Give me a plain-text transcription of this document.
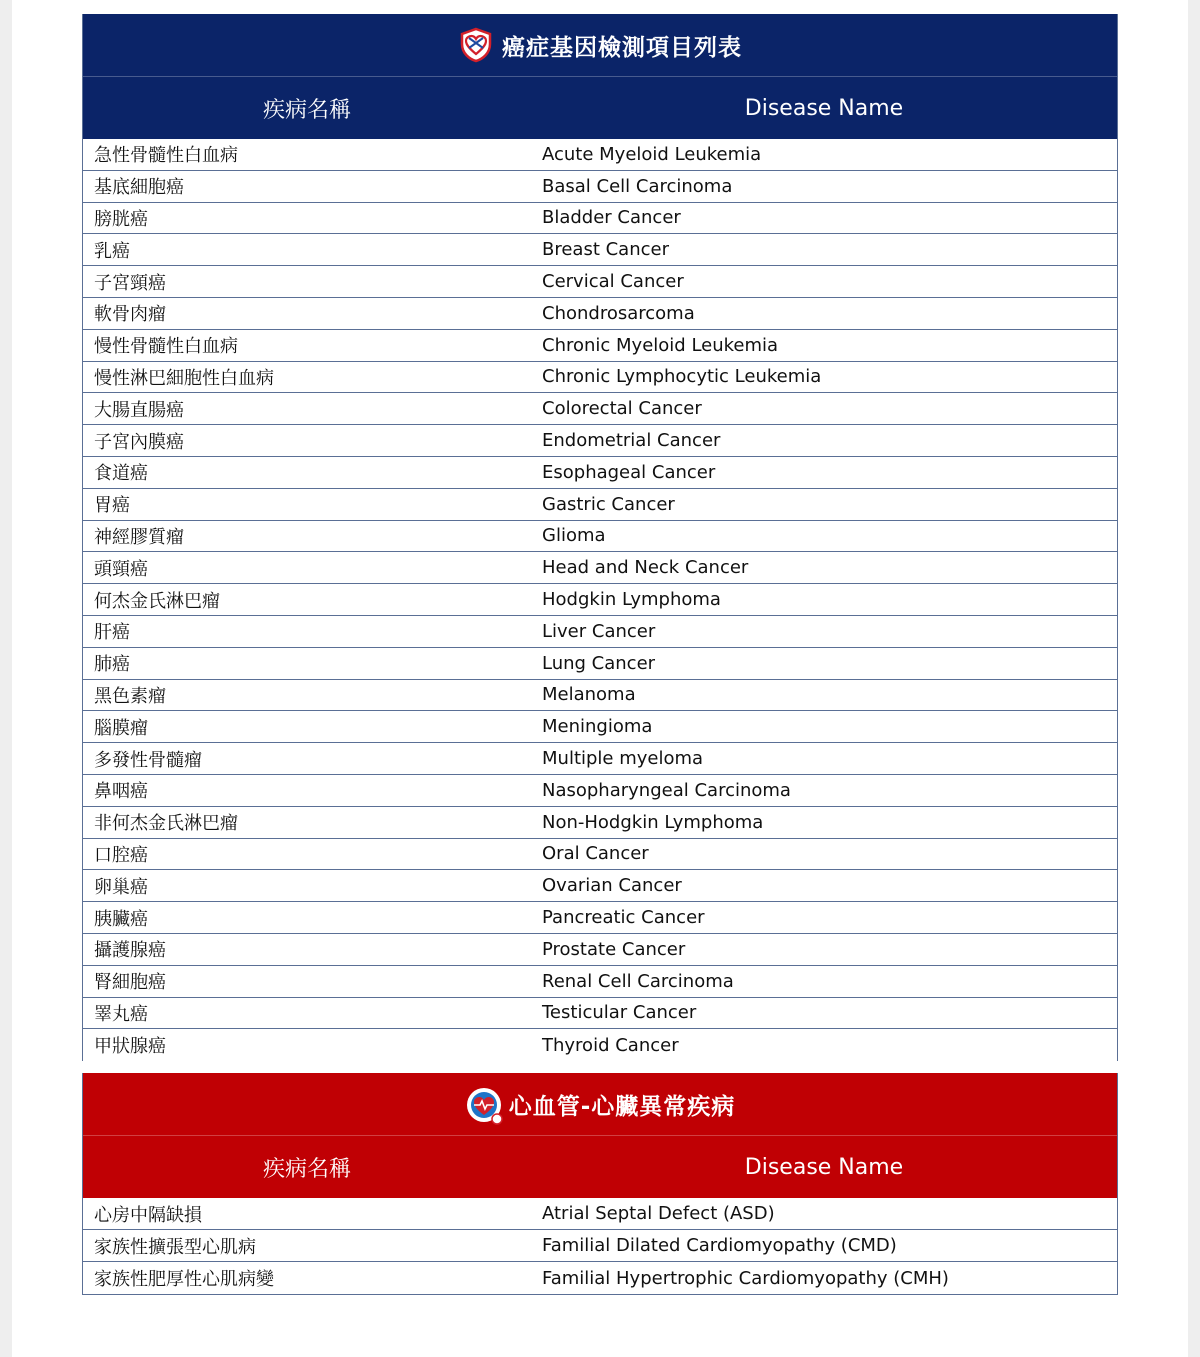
癌症基因檢測項目列表
疾病名稱	Disease Name
急性骨髓性白血病	Acute Myeloid Leukemia
基底細胞癌	Basal Cell Carcinoma
膀胱癌	Bladder Cancer
乳癌	Breast Cancer
子宮頸癌	Cervical Cancer
軟骨肉瘤	Chondrosarcoma
慢性骨髓性白血病	Chronic Myeloid Leukemia
慢性淋巴細胞性白血病	Chronic Lymphocytic Leukemia
大腸直腸癌	Colorectal Cancer
子宮內膜癌	Endometrial Cancer
食道癌	Esophageal Cancer
胃癌	Gastric Cancer
神經膠質瘤	Glioma
頭頸癌	Head and Neck Cancer
何杰金氏淋巴瘤	Hodgkin Lymphoma
肝癌	Liver Cancer
肺癌	Lung Cancer
黑色素瘤	Melanoma
腦膜瘤	Meningioma
多發性骨髓瘤	Multiple myeloma
鼻咽癌	Nasopharyngeal Carcinoma
非何杰金氏淋巴瘤	Non-Hodgkin Lymphoma
口腔癌	Oral Cancer
卵巢癌	Ovarian Cancer
胰臟癌	Pancreatic Cancer
攝護腺癌	Prostate Cancer
腎細胞癌	Renal Cell Carcinoma
睪丸癌	Testicular Cancer
甲狀腺癌	Thyroid Cancer
心血管-心臟異常疾病
疾病名稱	Disease Name
心房中隔缺損	Atrial Septal Defect (ASD)
家族性擴張型心肌病	Familial Dilated Cardiomyopathy (CMD)
家族性肥厚性心肌病變	Familial Hypertrophic Cardiomyopathy (CMH)
